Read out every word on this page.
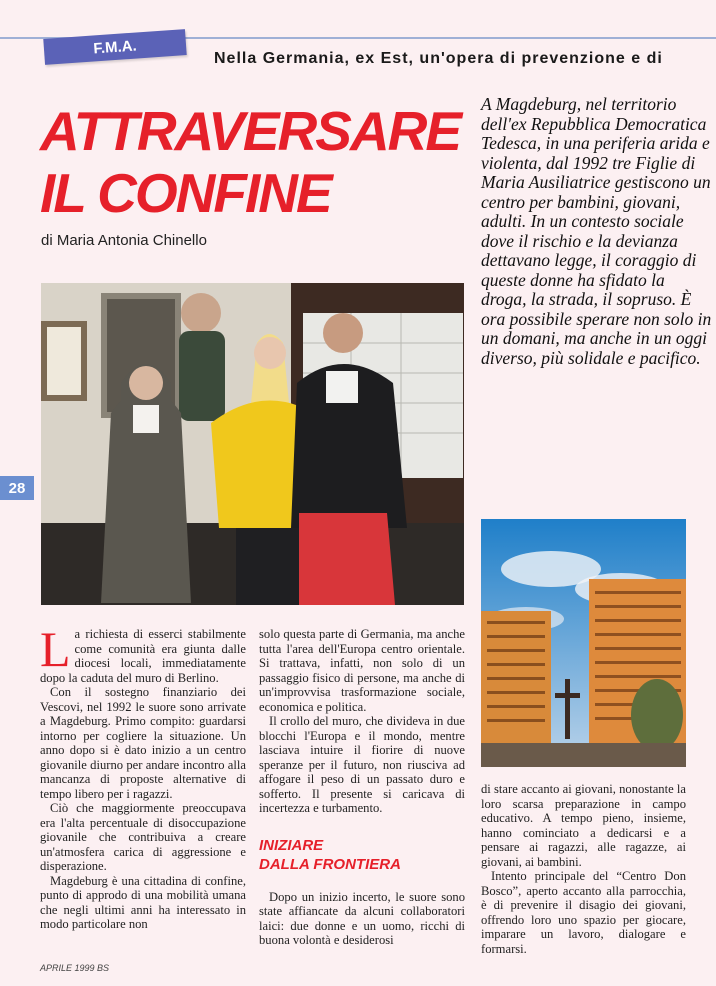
F.M.A.
Nella Germania, ex Est, un'opera di prevenzione e di
ATTRAVERSARE
IL CONFINE
di Maria Antonia Chinello

A Magdeburg, nel territorio dell'ex Repubblica Democratica Tedesca, in una periferia arida e violenta, dal 1992 tre Figlie di Maria Ausiliatrice gestiscono un centro per bambini, giovani, adulti. In un contesto sociale dove il rischio e la devianza dettavano legge, il coraggio di queste donne ha sfidato la droga, la strada, il sopruso. È ora possibile sperare non solo in un domani, ma anche in un oggi diverso, più solidale e pacifico.

28

La richiesta di esserci stabilmente come comunità era giunta dalle diocesi locali, immediatamente dopo la caduta del muro di Berlino.

Con il sostegno finanziario dei Vescovi, nel 1992 le suore sono arrivate a Magdeburg. Primo compito: guardarsi intorno per cogliere la situazione. Un anno dopo si è dato inizio a un centro giovanile diurno per andare incontro alla mancanza di proposte alternative di tempo libero per i ragazzi.

Ciò che maggiormente preoccupava era l'alta percentuale di disoccupazione giovanile che contribuiva a creare un'atmosfera carica di aggressione e disperazione.

Magdeburg è una cittadina di confine, punto di approdo di una mobilità umana che negli ultimi anni ha interessato in modo particolare non

solo questa parte di Germania, ma anche tutta l'area dell'Europa centro orientale. Si trattava, infatti, non solo di un passaggio fisico di persone, ma anche di un'improvvisa trasformazione sociale, economica e politica.

Il crollo del muro, che divideva in due blocchi l'Europa e il mondo, mentre lasciava intuire il fiorire di nuove speranze per il futuro, non riusciva ad affogare il peso di un passato duro e sofferto. Il presente si caricava di incertezza e turbamento.

INIZIARE
DALLA FRONTIERA

Dopo un inizio incerto, le suore sono state affiancate da alcuni collaboratori laici: due donne e un uomo, ricchi di buona volontà e desiderosi

di stare accanto ai giovani, nonostante la loro scarsa preparazione in campo educativo. A tempo pieno, insieme, hanno cominciato a dedicarsi e a pensare ai ragazzi, alle ragazze, ai giovani, ai bambini.

Intento principale del “Centro Don Bosco”, aperto accanto alla parrocchia, è di prevenire il disagio dei giovani, offrendo loro uno spazio per giocare, imparare un lavoro, dialogare e formarsi.

APRILE 1999 BS
